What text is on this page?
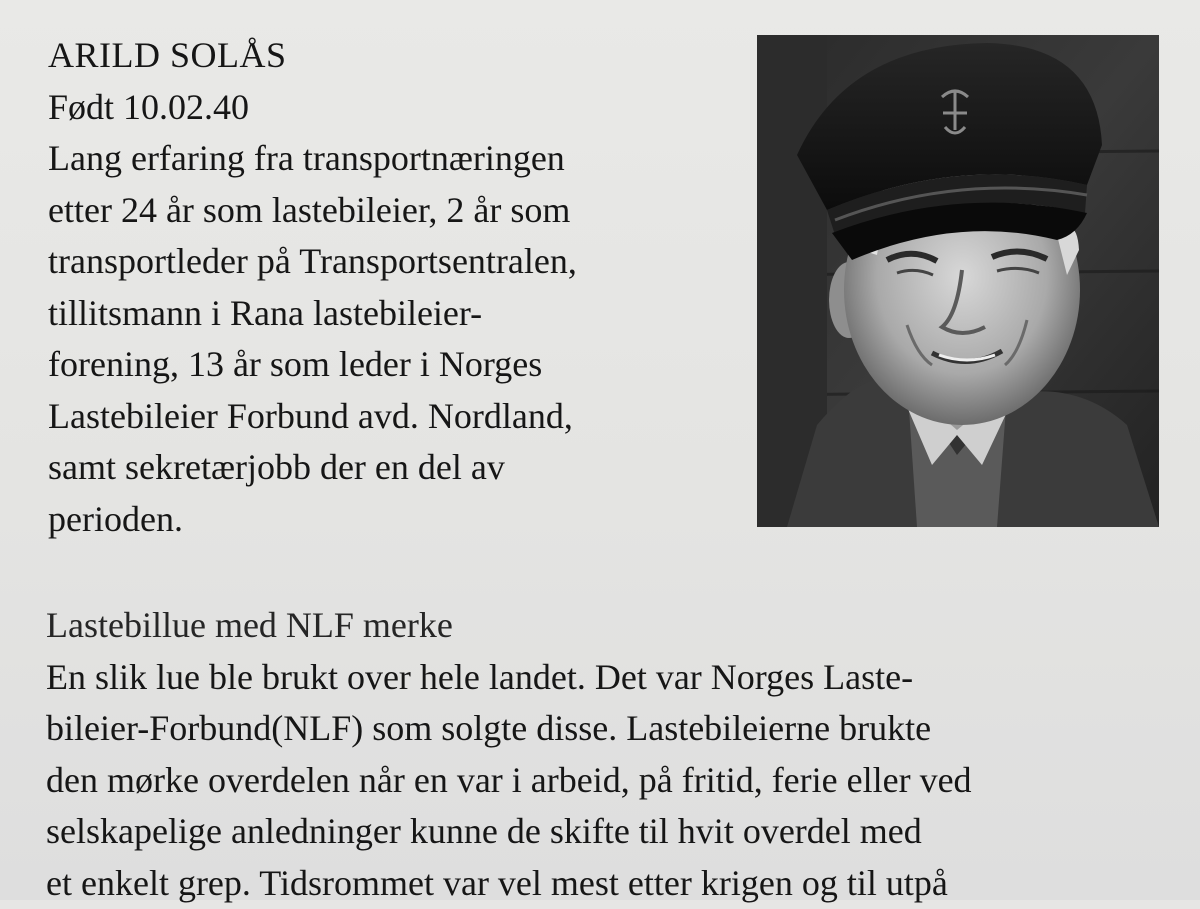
ARILD SOLÅS
Født 10.02.40
Lang erfaring fra transportnæringen
etter 24 år som lastebileier, 2 år som
transportleder på Transportsentralen,
tillitsmann i Rana lastebileier-
forening, 13 år som leder i Norges
Lastebileier Forbund avd. Nordland,
samt sekretærjobb der en del av
perioden.
Lastebillue med NLF merke
En slik lue ble brukt over hele landet. Det var Norges Laste-
bileier-Forbund(NLF) som solgte disse. Lastebileierne brukte
den mørke overdelen når en var i arbeid, på fritid, ferie eller ved
selskapelige anledninger kunne de skifte til hvit overdel med
et enkelt grep. Tidsrommet var vel mest etter krigen og til utpå
